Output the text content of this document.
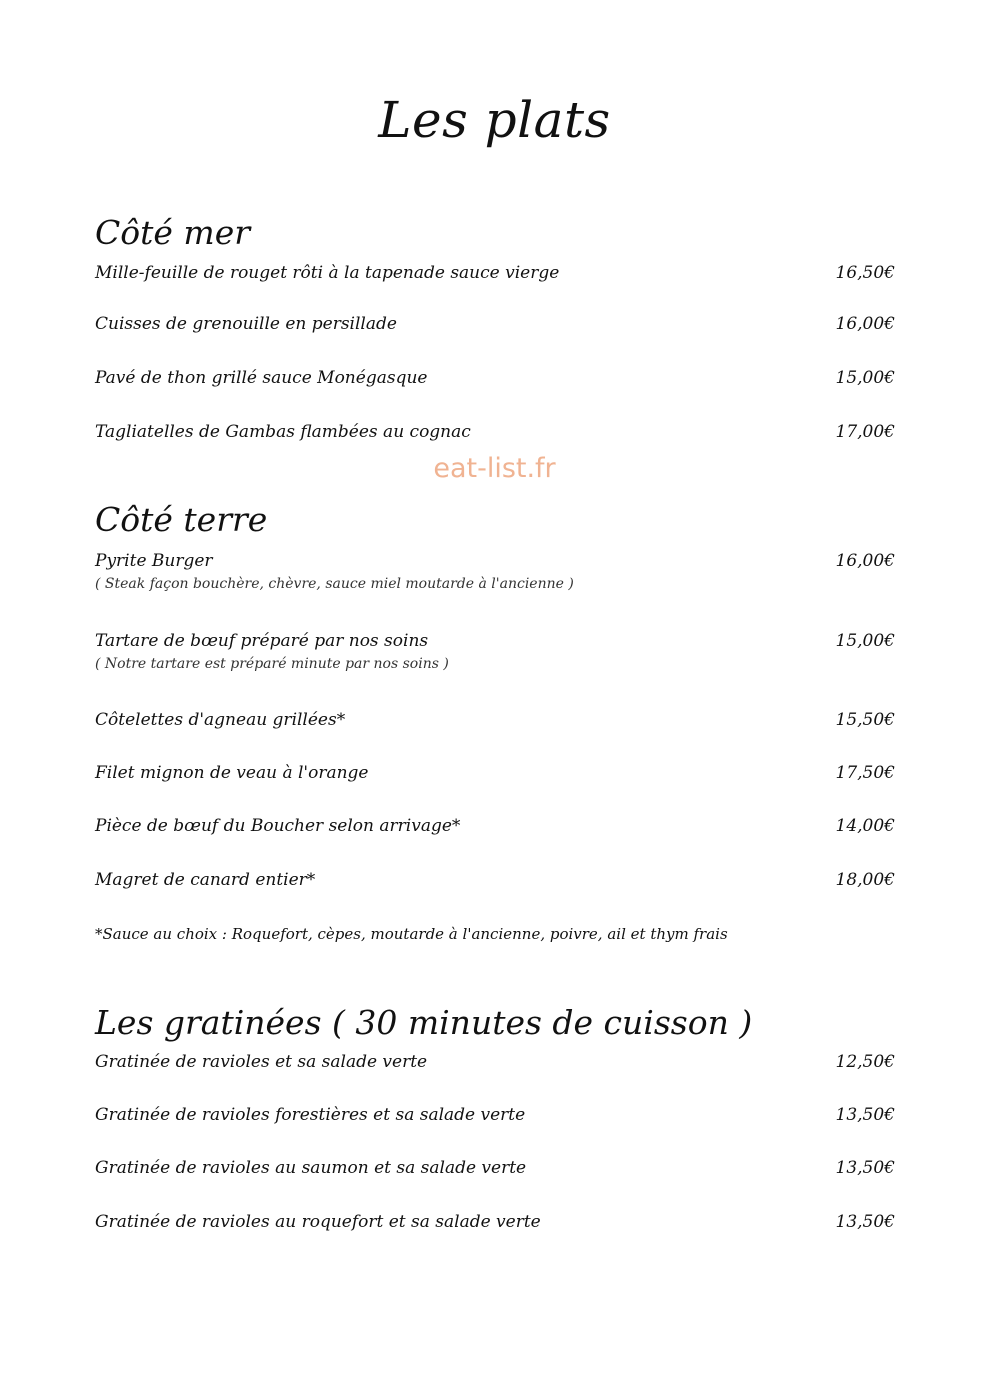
Les plats
Côté mer
Mille-feuille de rouget rôti à la tapenade sauce vierge	16,50€
Cuisses de grenouille en persillade	16,00€
Pavé de thon grillé sauce Monégasque	15,00€
Tagliatelles de Gambas flambées au cognac	17,00€
eat-list.fr
Côté terre
Pyrite Burger	16,00€
( Steak façon bouchère, chèvre, sauce miel moutarde à l'ancienne )
Tartare de bœuf préparé par nos soins	15,00€
( Notre tartare est préparé minute par nos soins )
Côtelettes d'agneau grillées*	15,50€
Filet mignon de veau à l'orange	17,50€
Pièce de bœuf du Boucher selon arrivage*	14,00€
Magret de canard entier*	18,00€
*Sauce au choix : Roquefort, cèpes, moutarde à l'ancienne, poivre, ail et thym frais
Les gratinées ( 30 minutes de cuisson )
Gratinée de ravioles et sa salade verte	12,50€
Gratinée de ravioles forestières et sa salade verte	13,50€
Gratinée de ravioles au saumon et sa salade verte	13,50€
Gratinée de ravioles au roquefort et sa salade verte	13,50€
